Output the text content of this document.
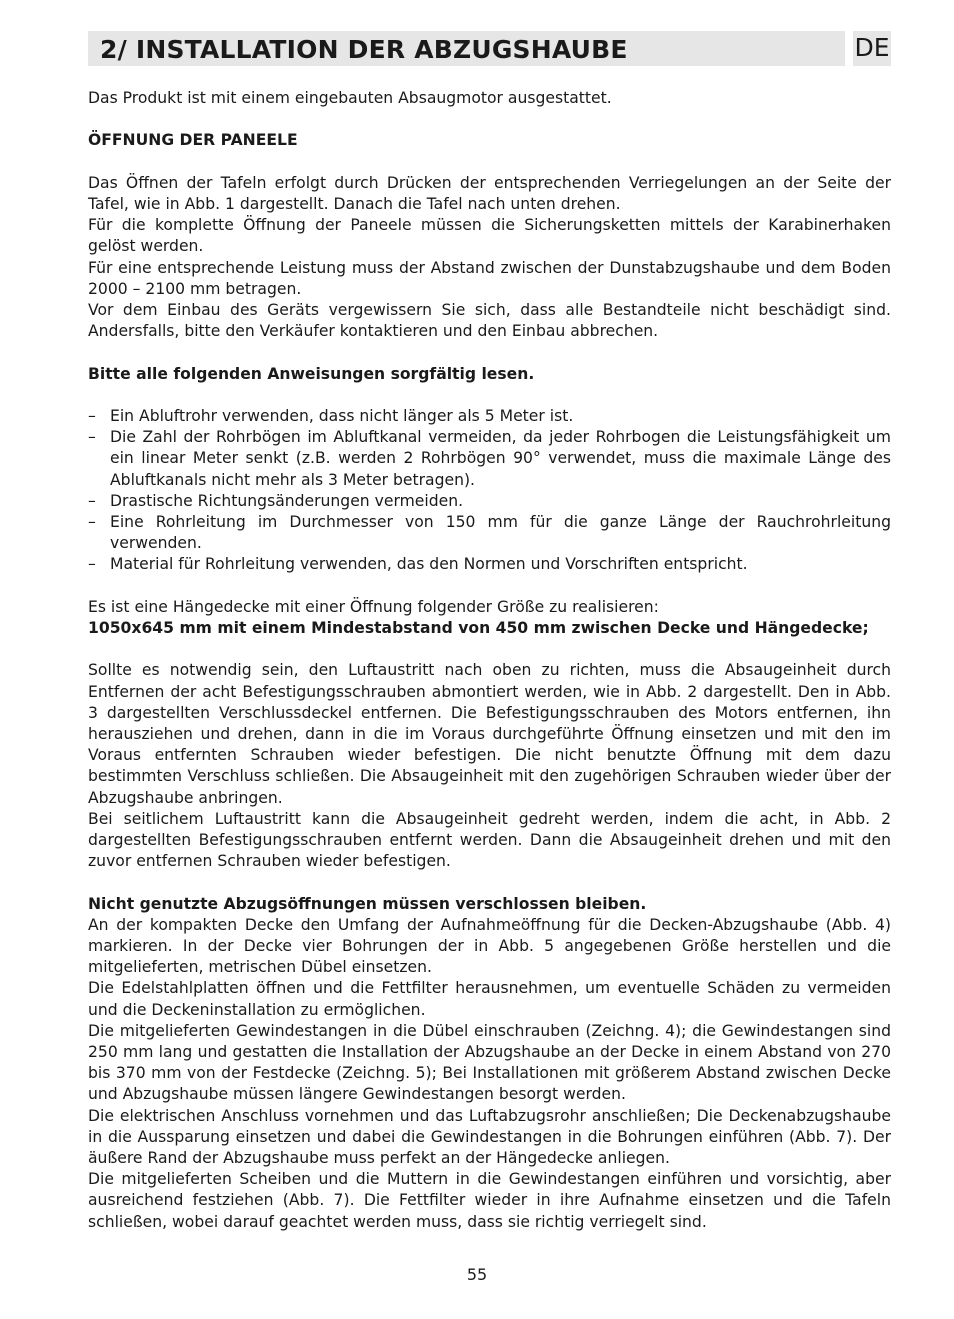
2/ INSTALLATION DER ABZUGSHAUBE	DE

Das Produkt ist mit einem eingebauten Absaugmotor ausgestattet.

ÖFFNUNG DER PANEELE

Das Öffnen der Tafeln erfolgt durch Drücken der entsprechenden Verriegelungen an der Seite der Tafel, wie in Abb. 1 dargestellt. Danach die Tafel nach unten drehen.

Für die komplette Öffnung der Paneele müssen die Sicherungsketten mittels der Karabinerhaken gelöst werden.

Für eine entsprechende Leistung muss der Abstand zwischen der Dunstabzugshaube und dem Boden 2000 – 2100 mm betragen.

Vor dem Einbau des Geräts vergewissern Sie sich, dass alle Bestandteile nicht beschädigt sind. Andersfalls, bitte den Verkäufer kontaktieren und den Einbau abbrechen.

Bitte alle folgenden Anweisungen sorgfältig lesen.

– Ein Abluftrohr verwenden, dass nicht länger als 5 Meter ist.
– Die Zahl der Rohrbögen im Abluftkanal vermeiden, da jeder Rohrbogen die Leistungsfähigkeit um ein linear Meter senkt (z.B. werden 2 Rohrbögen 90° verwendet, muss die maximale Länge des Abluftkanals nicht mehr als 3 Meter betragen).
– Drastische Richtungsänderungen vermeiden.
– Eine Rohrleitung im Durchmesser von 150 mm für die ganze Länge der Rauchrohrleitung verwenden.
– Material für Rohrleitung verwenden, das den Normen und Vorschriften entspricht.

Es ist eine Hängedecke mit einer Öffnung folgender Größe zu realisieren:

1050x645 mm mit einem Mindestabstand von 450 mm zwischen Decke und Hängedecke;

Sollte es notwendig sein, den Luftaustritt nach oben zu richten, muss die Absaugeinheit durch Entfernen der acht Befestigungsschrauben abmontiert werden, wie in Abb. 2 dargestellt. Den in Abb. 3 dargestellten Verschlussdeckel entfernen. Die Befestigungsschrauben des Motors entfernen, ihn herausziehen und drehen, dann in die im Voraus durchgeführte Öffnung einsetzen und mit den im Voraus entfernten Schrauben wieder befestigen. Die nicht benutzte Öffnung mit dem dazu bestimmten Verschluss schließen. Die Absaugeinheit mit den zugehörigen Schrauben wieder über der Abzugshaube anbringen.

Bei seitlichem Luftaustritt kann die Absaugeinheit gedreht werden, indem die acht, in Abb. 2 dargestellten Befestigungsschrauben entfernt werden. Dann die Absaugeinheit drehen und mit den zuvor entfernen Schrauben wieder befestigen.

Nicht genutzte Abzugsöffnungen müssen verschlossen bleiben.

An der kompakten Decke den Umfang der Aufnahmeöffnung für die Decken-Abzugshaube (Abb. 4) markieren. In der Decke vier Bohrungen der in Abb. 5 angegebenen Größe herstellen und die mitgelieferten, metrischen Dübel einsetzen.

Die Edelstahlplatten öffnen und die Fettfilter herausnehmen, um eventuelle Schäden zu vermeiden und die Deckeninstallation zu ermöglichen.

Die mitgelieferten Gewindestangen in die Dübel einschrauben (Zeichng. 4); die Gewindestangen sind 250 mm lang und gestatten die Installation der Abzugshaube an der Decke in einem Abstand von 270 bis 370 mm von der Festdecke (Zeichng. 5); Bei Installationen mit größerem Abstand zwischen Decke und Abzugshaube müssen längere Gewindestangen besorgt werden.

Die elektrischen Anschluss vornehmen und das Luftabzugsrohr anschließen; Die Deckenabzugshaube in die Aussparung einsetzen und dabei die Gewindestangen in die Bohrungen einführen (Abb. 7). Der äußere Rand der Abzugshaube muss perfekt an der Hängedecke anliegen.

Die mitgelieferten Scheiben und die Muttern in die Gewindestangen einführen und vorsichtig, aber ausreichend festziehen (Abb. 7). Die Fettfilter wieder in ihre Aufnahme einsetzen und die Tafeln schließen, wobei darauf geachtet werden muss, dass sie richtig verriegelt sind.

55
